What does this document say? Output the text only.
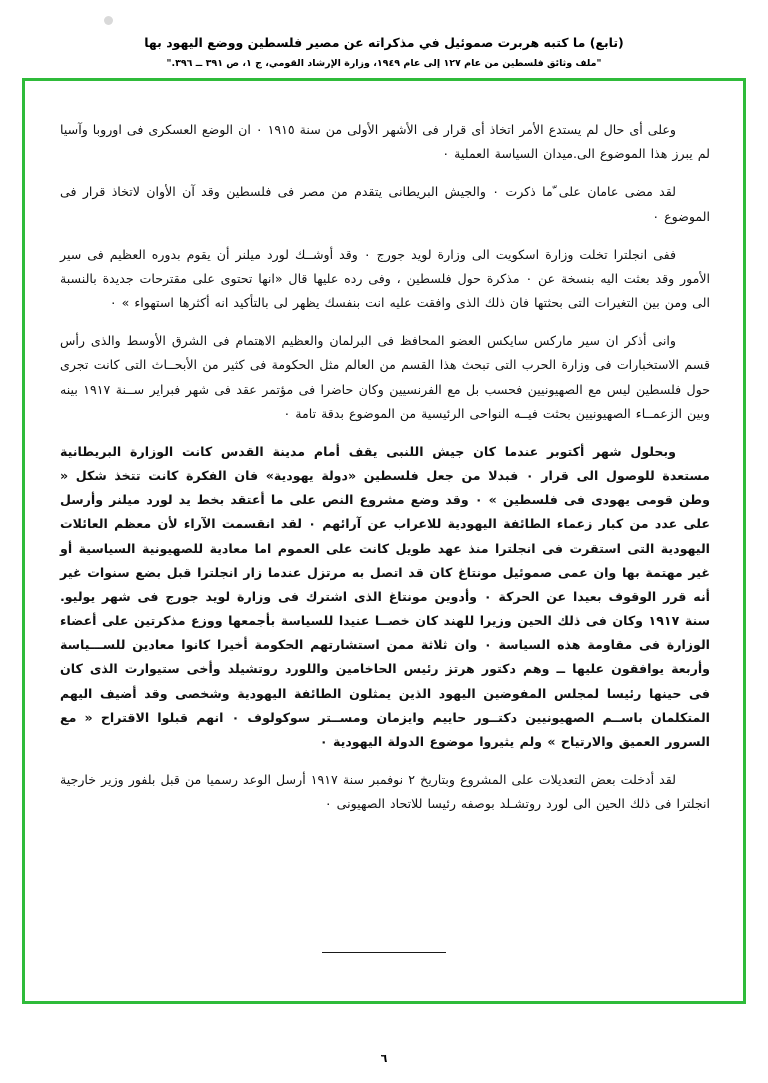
(تابع) ما كتبه هربرت صموئيل في مذكراته عن مصير فلسطين ووضع اليهود بها
"ملف وثائق فلسطين من عام ١٢٧ إلى عام ١٩٤٩، وزارة الإرشاد القومي، ج ١، ص ٣٩١ ــ ٣٩٦."

وعلى أى حال لم يستدع الأمر اتخاذ أى قرار فى الأشهر الأولى من سنة ١٩١٥ ٠ ان الوضع العسكرى فى اوروبا وآسيا لم يبرز هذا الموضوع الى.ميدان السياسة العملية ٠

لقد مضى عامان على ّما ذكرت ٠ والجيش البريطانى يتقدم من مصر فى فلسطين وقد آن الأوان لاتخاذ قرار فى الموضوع ٠

ففى انجلترا تخلت وزارة اسكويت الى وزارة لويد جورج ٠ وقد أوشــك لورد ميلنر أن يقوم بدوره العظيم فى سير الأمور وقد بعثت اليه بنسخة عن ٠ مذكرة حول فلسطين ، وفى رده عليها قال «انها تحتوى على مقترحات جديدة بالنسبة الى ومن بين التغيرات التى بحثتها فان ذلك الذى وافقت عليه انت بنفسك يظهر لى بالتأكيد انه أكثرها استهواء » ٠

وانى أذكر ان سير ماركس سايكس العضو المحافظ فى البرلمان والعظيم الاهتمام فى الشرق الأوسط والذى رأس قسم الاستخبارات فى وزارة الحرب التى تبحث هذا القسم من العالم مثل الحكومة فى كثير من الأبحــاث التى كانت تجرى حول فلسطين ليس مع الصهيونيين فحسب بل مع الفرنسيين وكان حاضرا فى مؤتمر عقد فى شهر فبراير ســنة ١٩١٧ بينه وبين الزعمــاء الصهيونيين بحثت فيــه النواحى الرئيسية من الموضوع بدقة تامة ٠

وبحلول شهر أكتوبر عندما كان جيش اللنبى يقف أمام مدينة القدس كانت الوزارة البريطانية مستعدة للوصول الى قرار ٠ فبدلا من جعل فلسطين «دولة يهودية» فان الفكرة كانت تتخذ شكل « وطن قومى يهودى فى فلسطين » ٠ وقد وضع مشروع النص على ما أعتقد بخط يد لورد ميلنر وأرسل على عدد من كبار زعماء الطائفة اليهودية للاعراب عن آرائهم ٠ لقد انقسمت الآراء لأن معظم العائلات اليهودية التى استقرت فى انجلترا منذ عهد طويل كانت على العموم اما معادية للصهيونية السياسية أو غير مهتمة بها وان عمى صموئيل مونتاغ كان قد اتصل به مرتزل عندما زار انجلترا قبل بضع سنوات غير أنه قرر الوقوف بعيدا عن الحركة ٠ وأدوين مونتاغ الذى اشترك فى وزارة لويد جورج فى شهر يوليو. سنة ١٩١٧ وكان فى ذلك الحين وزيرا للهند كان خصــا عنيدا للسياسة بأجمعها ووزع مذكرتين على أعضاء الوزارة فى مقاومة هذه السياسة ٠ وان ثلاثة ممن استشارتهم الحكومة أخيرا كانوا معادين للســـياسة وأربعة يوافقون عليها ــ وهم دكتور هرتز رئيس الحاخامين واللورد روتشيلد وأخى ستيوارت الذى كان فى حينها رئيسا لمجلس المفوضين اليهود الذين يمثلون الطائفة اليهودية وشخصى وقد أضيف اليهم المتكلمان باســم الصهيونيين دكتــور حاييم وايزمان ومســتر سوكولوف ٠ انهم قبلوا الاقتراح « مع السرور العميق والارتياح » ولم يثيروا موضوع الدولة اليهودية ٠

لقد أدخلت بعض التعديلات على المشروع وبتاريخ ٢ نوفمبر سنة ١٩١٧ أرسل الوعد رسميا من قبل بلفور وزير خارجية انجلترا فى ذلك الحين الى لورد روتشـلد بوصفه رئيسا للاتحاد الصهيونى ٠

٦
